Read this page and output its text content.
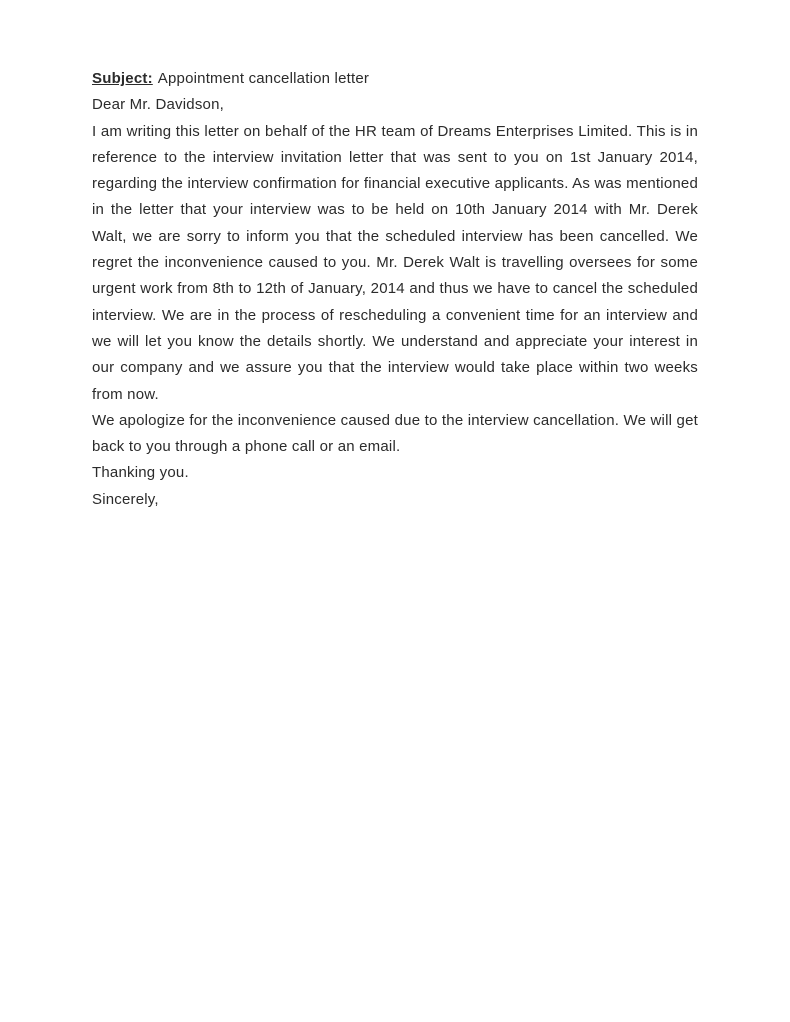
Subject: Appointment cancellation letter

Dear Mr. Davidson,

I am writing this letter on behalf of the HR team of Dreams Enterprises Limited. This is in reference to the interview invitation letter that was sent to you on 1st January 2014, regarding the interview confirmation for financial executive applicants. As was mentioned in the letter that your interview was to be held on 10th January 2014 with Mr. Derek Walt, we are sorry to inform you that the scheduled interview has been cancelled. We regret the inconvenience caused to you. Mr. Derek Walt is travelling oversees for some urgent work from 8th to 12th of January, 2014 and thus we have to cancel the scheduled interview. We are in the process of rescheduling a convenient time for an interview and we will let you know the details shortly. We understand and appreciate your interest in our company and we assure you that the interview would take place within two weeks from now.

We apologize for the inconvenience caused due to the interview cancellation. We will get back to you through a phone call or an email.

Thanking you.

Sincerely,
